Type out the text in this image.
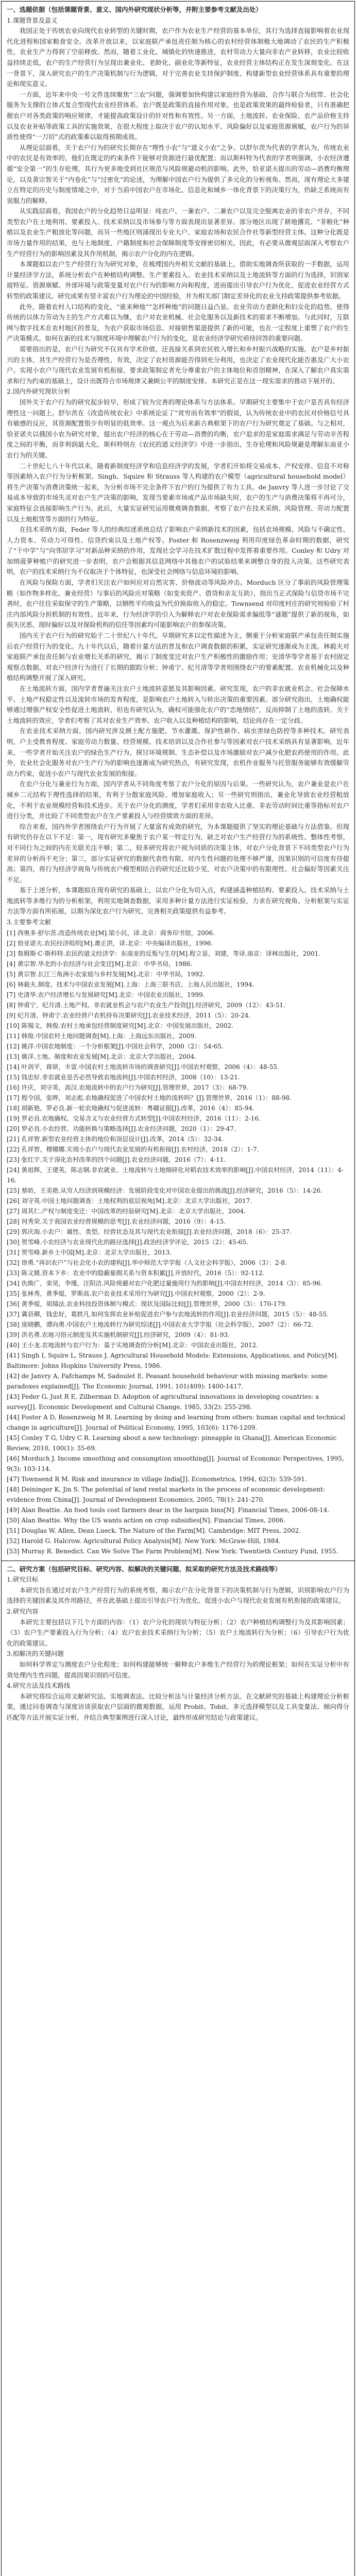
一、选题依据（包括课题背景、意义、国内外研究现状分析等，并附主要参考文献及出处）

1.课题背景及意义

我国正处于传统农业向现代农业转型的关键时期，农户作为农业生产经营的基本单位，其行为选择直接影响着农业现代化进程和国家粮食安全。改革开放以来，以家庭联产承包责任制为核心的农村经营体制极大地调动了农民的生产积极性，农业生产力得到了空前释放。然而，随着工业化、城镇化的快速推进，农村劳动力大量向非农产业转移，农业比较收益持续走低，农户的生产经营行为呈现出兼业化、老龄化、副业化等新特征，农业经营主体结构正在发生深刻变化。在这一背景下，深入研究农户的生产决策机制与行为逻辑，对于完善农业支持保护制度、构建新型农业经营体系具有重要的理论和现实意义。

一方面，近年来中央一号文件连续聚焦“三农”问题，强调要加快构建以家庭经营为基础、合作与联合为纽带、社会化服务为支撑的立体式复合型现代农业经营体系。农户既是政策的直接作用对象，也是政策效果的最终检验者，只有准确把握农户对各类政策的响应规律，才能提高政策设计的针对性和有效性。另一方面，土地流转、农业保险、农产品价格支持以及农业补贴等政策工具的实施效果，在很大程度上取决于农户的认知水平、风险偏好以及家庭资源禀赋，农户行为的异质性使得“一刀切”式的政策难以取得预期成效。

从理论层面看，关于农户行为的研究长期存在“理性小农”与“道义小农”之争。以舒尔茨为代表的学者认为，传统农业中的农民是有效率的，他们在既定的约束条件下能够对资源进行最优配置；而以斯科特为代表的学者则强调，小农经济遵循“安全第一”的生存伦理，其行为更多地受到社区规范与风险规避动机的影响。此外，恰亚诺夫提出的劳动—消费均衡理论，以及黄宗智关于“内卷化”与“过密化”的论述，为理解中国农户行为提供了多元化的分析视角。然而，现有理论大多建立在特定的历史与制度情境之中，对于当前中国农户在市场化、信息化和城乡一体化背景下的决策行为，仍缺乏系统而有说服力的解释。

从实践层面看，我国农户的分化趋势日益明显：纯农户、一兼农户、二兼农户以及完全脱离农业的非农户并存，不同类型农户在土地利用、要素投入、技术采纳以及市场参与等方面表现出显著差异。部分地区出现了耕地撂荒、“非粮化”种植以及农业生产粗放化等问题，而另一些地区则涌现出专业大户、家庭农场和农民合作社等新型经营主体。这种分化既是市场力量作用的结果，也与土地制度、户籍制度和社会保障制度等安排密切相关。因此，有必要从微观层面深入考察农户生产经营行为的影响因素及其作用机制，揭示农户分化的内在逻辑。

本课题拟以农户生产经营行为为研究对象，在梳理国内外相关文献的基础上，借助实地调查所获取的一手数据，运用计量经济学方法，系统分析农户在种植结构调整、生产要素投入、农业技术采纳以及土地流转等方面的行为选择，识别家庭特征、资源禀赋、外部环境与政策变量对农户行为的影响方向和程度，进而提出引导农户行为优化、促进农业经营方式转型的政策建议。研究成果有望丰富农户行为理论的中国经验，并为相关部门制定差异化的农业支持政策提供参考依据。

此外，随着农村人口结构的变化，“谁来种地”“怎样种地”的问题日益凸显。农业劳动力老龄化和妇女化的趋势，使得传统的以体力劳动为主的生产方式难以为继，农户对农业机械、社会化服务以及新技术的需求不断增加。与此同时，互联网与数字技术在农村地区的普及，为农户获取市场信息、对接销售渠道提供了新的可能，也在一定程度上重塑了农户的生产决策模式。如何在新的技术与制度环境中理解农户行为的变化，是农业经济学研究亟待回答的重要问题。

需要指出的是，农户行为研究不仅具有学术价值，还直接关系到农民收入增长和乡村振兴战略的实施。农户是乡村振兴的主体，其生产经营行为是否理性、有效，决定了农村资源能否得到充分利用，也决定了农业现代化能否惠及广大小农户。实现小农户与现代农业发展有机衔接，要求政策制定者充分尊重农户的主体地位和首创精神，在深入了解农户真实需求和行为约束的基础上，设计出既符合市场规律又兼顾公平的制度安排。本研究正是在这一现实需求的推动下展开的。

2.国内外研究现状分析

国外关于农户行为的研究起步较早，形成了较为完善的理论体系与方法体系。早期研究主要集中于农户是否具有经济理性这一问题上。舒尔茨在《改造传统农业》中系统论证了“贫穷而有效率”的假说，认为传统农业中的农民对价格信号具有敏感的反应，其资源配置很少有明显的低效率。这一观点为后来新古典框架下的农户行为研究奠定了基础。与之相对，恰亚诺夫以俄国小农为研究对象，提出农户经济的核心在于劳动—消费的均衡，农户追求的是家庭需求满足与劳动辛苦程度之间的平衡，而非利润最大化。斯科特则在《农民的道义经济学》中进一步指出，生存伦理和风险规避是理解东南亚小农行为的关键。

二十世纪七八十年代以来，随着新制度经济学和信息经济学的发展，学者们开始将交易成本、产权安排、信息不对称等因素纳入农户行为分析框架。Singh、Squire 和 Strauss 等人构建的农户模型（agricultural household model）将生产决策与消费决策统一起来，为分析市场不完全条件下农户的行为提供了有力工具。de Janvry 等人进一步讨论了交易成本导致的市场失灵对农户生产决策的影响，发现当要素市场或产品市场缺失时，农户的生产与消费决策将不再可分，家庭特征会直接影响生产行为。此后，大量实证研究运用微观调查数据，考察了农户在技术采纳、风险管理、劳动力配置以及土地租赁等方面的行为特征。

在技术采纳方面，Feder 等人的经典综述系统总结了影响农户采纳新技术的因素，包括农场规模、风险与不确定性、人力资本、劳动力可得性、信贷约束以及土地产权等。Foster 和 Rosenzweig 利用印度绿色革命时期的数据，研究了“干中学”与“向邻居学习”对新品种采纳的作用，发现社会学习在技术扩散过程中发挥着重要作用。Conley 和 Udry 对加纳菠萝种植户的研究进一步表明，农户会根据其信息网络中其他农户的试验结果来调整自身的投入决策。这些研究表明，农户的技术采纳行为不仅取决于个体特征，也深受社会网络与信息环境的影响。

在风险与保险方面，学者们关注农户如何应对自然灾害、价格波动等风险冲击。Morduch 区分了事前的风险管理策略（如作物多样化、兼业经营）与事后的风险应对策略（如变卖资产、借贷和亲友互助），指出当正式保险与信贷市场不完善时，农户往往采取保守的生产策略，以牺牲平均收益为代价换取收入的稳定。Townsend 对印度村庄的研究则检验了村庄内部风险分担机制的有效性。近年来，行为经济学的引入为解释农户对农业保险需求偏低等“谜题”提供了新的视角，如损失厌恶、现时偏好以及对保险机构的信任等因素均可能影响农户的参保决策。

国内关于农户行为的研究始于二十世纪八十年代。早期研究多以定性描述为主，侧重于分析家庭联产承包责任制实施后农户经营行为的变化。九十年代以后，随着计量方法的普及和农户调查数据的积累，实证研究逐渐成为主流。林毅夫对家庭联产承包责任制与农业增长关系的研究，揭示了制度变迁对农户生产积极性的激励作用；史清华等学者基于农村固定观察点数据，对农户经济行为进行了长期的跟踪分析；钟甫宁、纪月清等学者则围绕农户的要素配置、农业机械化以及种植结构调整开展了深入研究。

在土地流转方面，国内学者普遍关注农户土地流转意愿及其影响因素。研究发现，农户的非农就业机会、社会保障水平、土地产权稳定性以及流转市场的发育程度，是影响农户土地转入与转出决策的重要因素。部分研究指出，土地确权能够通过增强产权安全性促进土地流转，但也有研究认为，确权可能强化农户的“恋地情结”，反而抑制了土地的流转。关于土地流转的效应，学者们考察了其对农业生产效率、农户收入以及种植结构的影响，结论尚存在一定分歧。

在农业技术采纳方面，国内研究涉及测土配方施肥、节水灌溉、保护性耕作、病虫害绿色防控等多种技术。研究表明，户主受教育程度、家庭劳动力数量、经营规模、技术培训以及合作社参与等因素对农户技术采纳具有显著影响。近年来，一些学者开始关注农户的绿色生产行为，探讨环境规制、生态补偿以及市场激励对农户减少化肥农药使用的作用。此外，农业社会化服务对农户生产行为的影响也逐渐成为研究热点，有研究发现，农机作业服务与托管服务能够有效缓解劳动力约束，促进小农户与现代农业发展的衔接。

在农户分化与兼业行为方面，国内学者从不同角度考察了农户分化的原因与后果。一些研究认为，农户兼业是农户在城乡二元结构下理性选择的结果，有利于分散家庭风险、增加家庭收入；另一些研究则指出，兼业化导致农业经营粗放化，不利于农业规模经营和技术进步。关于农户分化的测度，学者们采用非农收入比重、非农劳动时间比重等指标对农户进行分类，并比较了不同类型农户在生产要素投入与经营绩效方面的差异。

综合来看，国内外学者围绕农户行为开展了大量富有成效的研究，为本课题提供了坚实的理论基础与方法借鉴。但现有研究仍存在以下不足：第一，现有研究多聚焦于农户某一特定行为，缺乏对农户生产经营行为的系统性、整体性考察，对不同行为之间的内在关联关注不够；第二，较多研究将农户视为同质的决策主体，对农户分化背景下不同类型农户行为差异的分析尚不充分；第三，部分实证研究的数据代表性有限，对内生性问题的处理不够严谨，因果识别的可信度有待提高；第四，将行为经济学视角与传统农户模型相结合的研究还比较少见，对农户决策中的有限理性、社会偏好等因素关注不足。

基于上述分析，本课题拟在现有研究的基础上，以农户分化为切入点，构建涵盖种植结构、要素投入、技术采纳与土地流转等多维行为的分析框架，利用实地调查数据，采用多种计量方法进行实证检验，力求在研究视角、分析框架与实证方法等方面有所拓展，以期为深化农户行为研究、完善相关政策提供有益参考。

3.主要参考文献

[1] 西奥多·舒尔茨.改造传统农业[M].梁小民，译.北京：商务印书馆，2006.

[2] 恰亚诺夫.农民经济组织[M].萧正洪，译.北京：中央编译出版社，1996.

[3] 詹姆斯·C·斯科特.农民的道义经济学：东南亚的反叛与生存[M].程立显，刘建，等译.南京：译林出版社，2001.

[4] 黄宗智.华北的小农经济与社会变迁[M].北京：中华书局，1986.

[5] 黄宗智.长江三角洲小农家庭与乡村发展[M].北京：中华书局，1992.

[6] 林毅夫.制度、技术与中国农业发展[M].上海：上海三联书店，上海人民出版社，1994.

[7] 史清华.农户经济增长与发展研究[M].北京：中国农业出版社，1999.

[8] 钟甫宁，纪月清.土地产权、非农就业机会与农户农业生产投资[J].经济研究，2009（12）：43-51.

[9] 纪月清，钟甫宁.农业经营户农机持有决策研究[J].农业技术经济，2011（5）：20-24.

[10] 陈锡文，韩俊.农村土地承包经营制度研究[M].北京：中国发展出版社，2002.

[11] 韩俊.中国农村土地问题调查[M].上海：上海远东出版社，2009.

[12] 姚洋.中国农地制度：一个分析框架[J].中国社会科学，2000（2）：54-65.

[13] 姚洋.土地、制度和农业发展[M].北京：北京大学出版社，2004.

[14] 叶剑平，蒋妍，丰雷.中国农村土地流转市场的调查研究[J].中国农村观察，2006（4）：48-55.

[15] 钱忠好.非农就业是否必然导致农地流转[J].中国农村经济，2008（10）：13-21.

[16] 许庆，刘守英，高汉.农地流转中的农户行为研究[J].管理世界，2017（3）：68-79.

[17] 程令国，张晔，刘志彪.农地确权促进了中国农村土地的流转吗？[J].管理世界，2016（1）：88-98.

[18] 胡新艳，罗必良.新一轮农地确权与促进流转：粤赣证据[J].改革，2016（4）：85-94.

[19] 罗必良.农地确权、交易含义与农业经营方式转型[J].中国农村经济，2016（11）：2-16.

[20] 罗必良.小农经营、功能转换与策略选择[J].农业经济问题，2020（1）：29-47.

[21] 孔祥智.新型农业经营主体的地位和顶层设计[J].改革，2014（5）：32-34.

[22] 孔祥智，穆娜娜.实现小农户与现代农业发展的有机衔接[J].农村经济，2018（2）：1-7.

[23] 张红宇.关于深化农村改革的四个问题[J].农业经济问题，2016（7）：4-11.

[24] 黄祖辉，王建英，陈志钢.非农就业、土地流转与土地细碎化对稻农技术效率的影响[J].中国农村经济，2014（11）：4-16.

[25] 蔡昉，王美艳.从穷人经济到规模经济：发展阶段变化对中国农业提出的挑战[J].经济研究，2016（5）：14-26.

[26] 刘守英.中国土地问题调查：土地权利的底层视角[M].北京：北京大学出版社，2017.

[27] 周其仁.产权与制度变迁：中国改革的经验研究[M].北京：北京大学出版社，2004.

[28] 何秀荣.关于我国农业经营规模的思考[J].农业经济问题，2016（9）：4-15.

[29] 郭庆海.小农户：属性、类型、经营状态及其与现代农业衔接[J].农业经济问题，2018（6）：25-37.

[30] 贺雪峰.小农经济与农业现代化的路径选择[J].政治经济学评论，2015（2）：45-65.

[31] 贺雪峰.新乡土中国[M].北京：北京大学出版社，2013.

[32] 徐勇.“再识农户”与社会化小农的建构[J].华中师范大学学报（人文社会科学版），2006（3）：2-8.

[33] 陈义媛.资本下乡：农业中的隐蔽雇佣关系与资本积累[J].开放时代，2016（5）：92-112.

[34] 仇焕广，栾昊，李瑾，汪阳洁.风险规避对农户化肥过量施用行为的影响[J].中国农村经济，2014（3）：85-96.

[35] 张林秀，黄季焜，罗斯高.农户农业技术采用行为研究[J].中国农村观察，2000（2）：2-9.

[36] 黄季焜，胡瑞法.农业科技投资体制与模式：现状及国际比较[J].管理世界，2000（3）：170-179.

[37] 冀县卿，钱忠好，葛轶凡.如何发挥农业补贴促进农户参与农地流转的作用[J].农业经济问题，2015（5）：48-55.

[38] 庞晓鹏，谭向勇.中国农户土地流转行为研究综述[J].中国农业大学学报（社会科学版），2007（2）：66-72.

[39] 洪名勇.农地习俗元制度及其实施机制研究[J].经济研究，2009（4）：81-93.

[40] 王小龙.农地流转与农户行为：基于实地调查的分析[M].北京：中国农业出版社，2012.

[41] Singh I, Squire L, Strauss J. Agricultural Household Models: Extensions, Applications, and Policy[M]. Baltimore: Johns Hopkins University Press, 1986.

[42] de Janvry A, Fafchamps M, Sadoulet E. Peasant household behaviour with missing markets: some paradoxes explained[J]. The Economic Journal, 1991, 101(409): 1400-1417.

[43] Feder G, Just R E, Zilberman D. Adoption of agricultural innovations in developing countries: a survey[J]. Economic Development and Cultural Change, 1985, 33(2): 255-298.

[44] Foster A D, Rosenzweig M R. Learning by doing and learning from others: human capital and technical change in agriculture[J]. Journal of Political Economy, 1995, 103(6): 1176-1209.

[45] Conley T G, Udry C R. Learning about a new technology: pineapple in Ghana[J]. American Economic Review, 2010, 100(1): 35-69.

[46] Morduch J. Income smoothing and consumption smoothing[J]. Journal of Economic Perspectives, 1995, 9(3): 103-114.

[47] Townsend R M. Risk and insurance in village India[J]. Econometrica, 1994, 62(3): 539-591.

[48] Deininger K, Jin S. The potential of land rental markets in the process of economic development: evidence from China[J]. Journal of Development Economics, 2005, 78(1): 241-270.

[49] Alan Beattie. An food tools cost farmers dear in the bargain bins[N]. Financial Times, 2006-08-14.

[50] Alan Beattie. Why the US wants action on crop subsidies[N]. Financial Times, 2006.

[51] Douglas W. Allen, Dean Lueck. The Nature of the Farm[M]. Cambridge: MIT Press, 2002.

[52] Harold G. Halcrow. Agricultural Policy Analysis[M]. New York: McGraw-Hill, 1984.

[53] Murray R. Benedict. Can We Solve The Farm Problem[M]. New York: Twentieth Century Fund, 1955.

二、研究方案（包括研究目标、研究内容、拟解决的关键问题、拟采取的研究方法及技术路线等）

1.研究目标

本研究旨在通过对农户生产经营行为的系统考察，揭示农户在分化背景下的决策机制与行为逻辑，识别影响农户行为选择的关键因素及其作用路径，并在此基础上提出引导农户行为优化、促进小农户与现代农业发展有机衔接的政策建议。

2.研究内容

本研究主要包括以下几个方面的内容：（1）农户分化的现状与特征分析；（2）农户种植结构调整行为及其影响因素；（3）农户生产要素投入行为分析；（4）农户农业技术采纳行为分析；（5）农户土地流转行为分析；（6）引导农户行为优化的政策建议。

3.拟解决的关键问题

如何科学界定与测度农户分化程度；如何构建能够统一解释农户多维生产经营行为的理论框架；如何在实证分析中有效处理内生性问题，提高因果识别的可信度。

4.研究方法及技术路线

本研究将综合运用文献研究法、实地调查法、比较分析法与计量经济分析方法。在文献研究的基础上构建理论分析框架，通过问卷调查与深度访谈获取农户层面的微观数据，运用 Probit、Tobit、多元选择模型以及工具变量法、倾向得分匹配等方法开展实证分析，并结合典型案例进行深入讨论，最终形成研究结论与政策建议。
